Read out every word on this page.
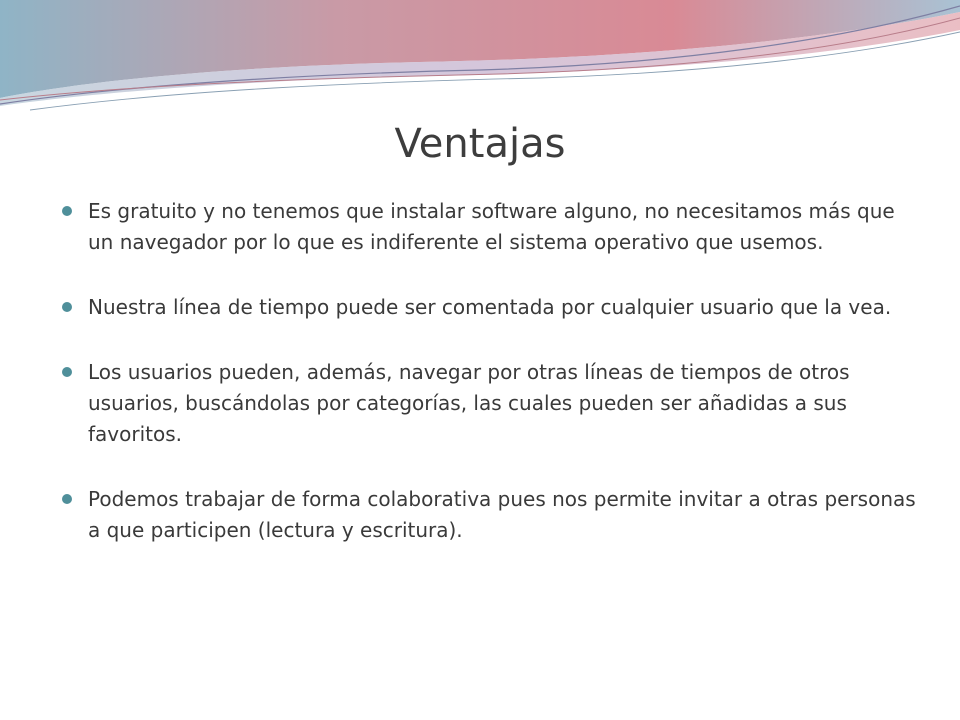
Ventajas
Es gratuito y no tenemos que instalar software alguno, no necesitamos más que un navegador por lo que es indiferente el sistema operativo que usemos.
Nuestra línea de tiempo puede ser comentada por cualquier usuario que la vea.
Los usuarios pueden, además, navegar por otras líneas de tiempos de otros usuarios, buscándolas por categorías, las cuales pueden ser añadidas a sus favoritos.
Podemos trabajar de forma colaborativa pues nos permite invitar a otras personas a que participen (lectura y escritura).
